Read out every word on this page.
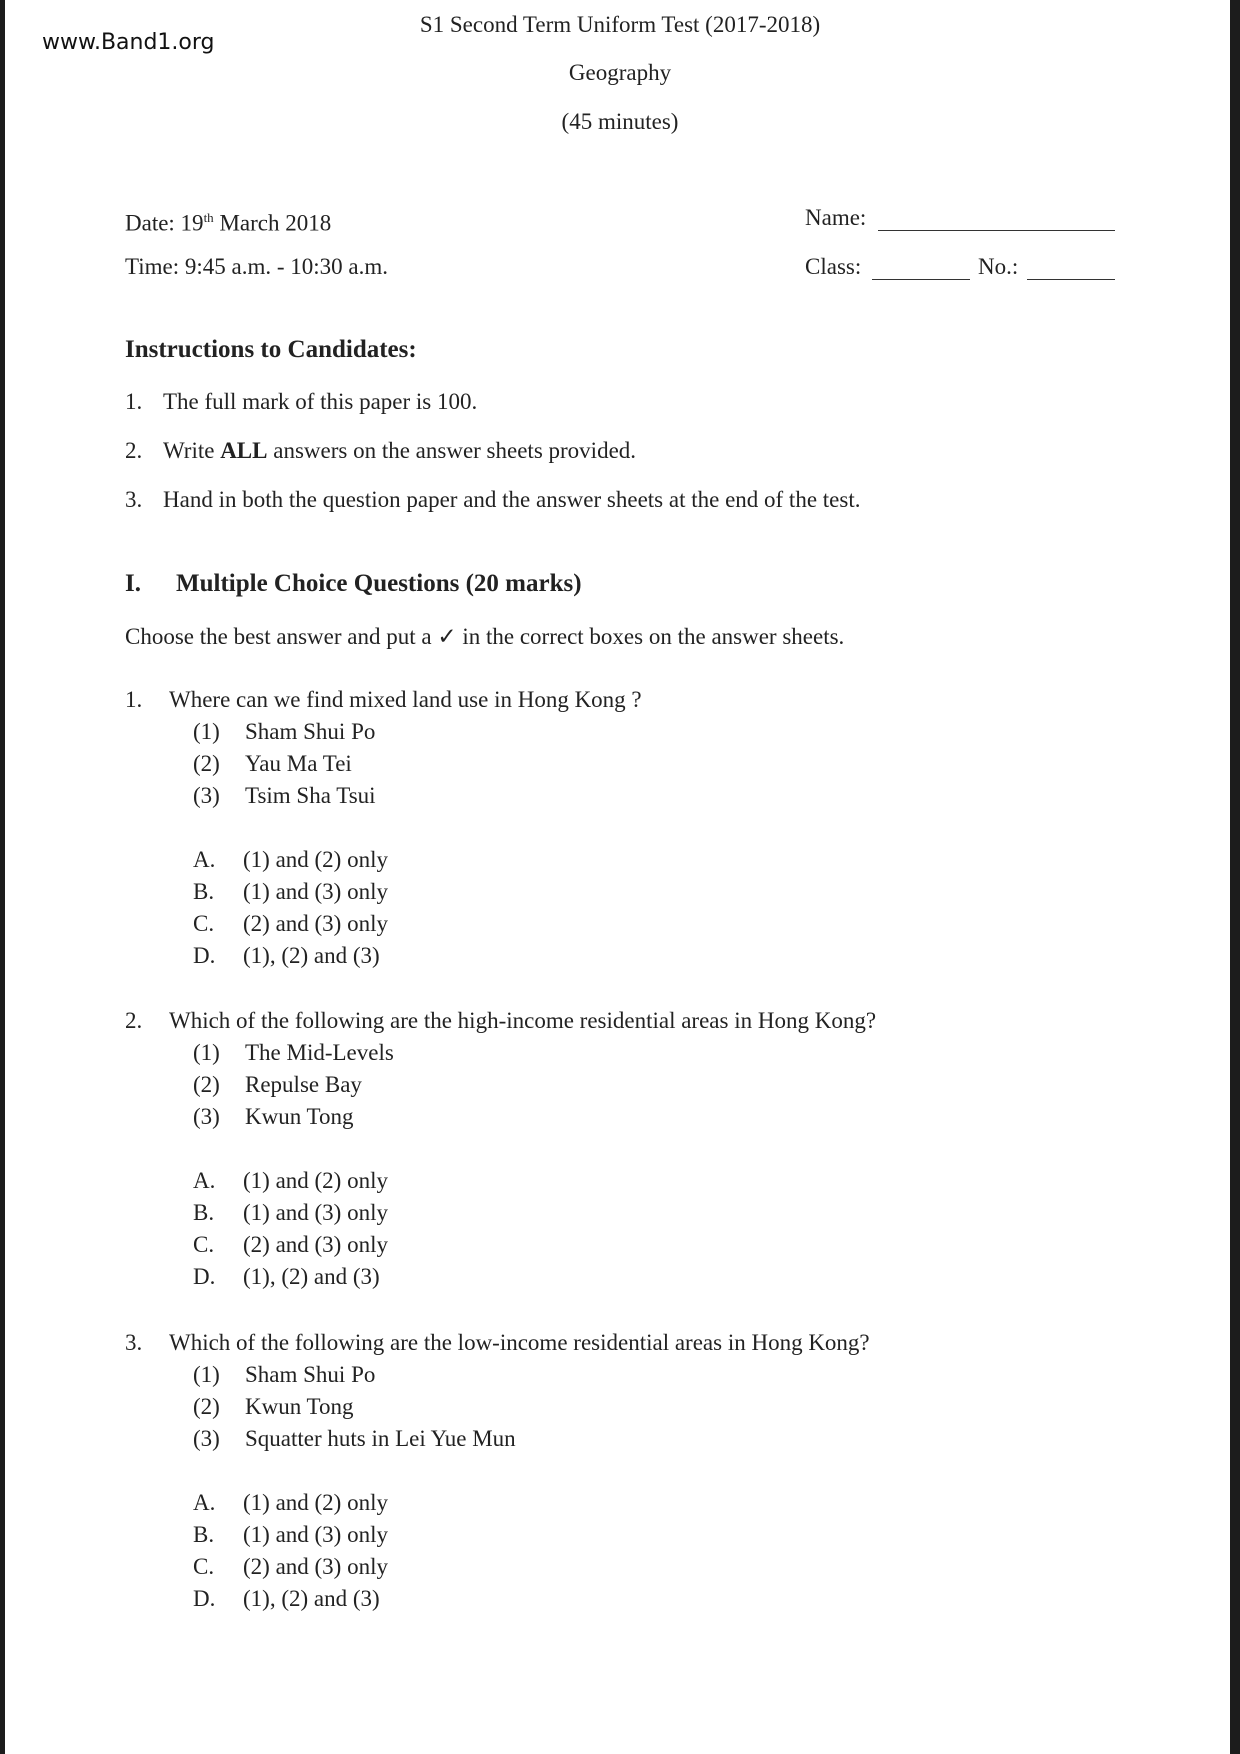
www.Band1.org
S1 Second Term Uniform Test (2017-2018)
Geography
(45 minutes)
Date: 19th March 2018
Time: 9:45 a.m. - 10:30 a.m.
Name:
Class:	No.:
Instructions to Candidates:
1. The full mark of this paper is 100.
2. Write ALL answers on the answer sheets provided.
3. Hand in both the question paper and the answer sheets at the end of the test.
I. Multiple Choice Questions (20 marks)
Choose the best answer and put a ✓ in the correct boxes on the answer sheets.
1. Where can we find mixed land use in Hong Kong ?
(1) Sham Shui Po
(2) Yau Ma Tei
(3) Tsim Sha Tsui
A. (1) and (2) only
B. (1) and (3) only
C. (2) and (3) only
D. (1), (2) and (3)
2. Which of the following are the high-income residential areas in Hong Kong?
(1) The Mid-Levels
(2) Repulse Bay
(3) Kwun Tong
A. (1) and (2) only
B. (1) and (3) only
C. (2) and (3) only
D. (1), (2) and (3)
3. Which of the following are the low-income residential areas in Hong Kong?
(1) Sham Shui Po
(2) Kwun Tong
(3) Squatter huts in Lei Yue Mun
A. (1) and (2) only
B. (1) and (3) only
C. (2) and (3) only
D. (1), (2) and (3)
